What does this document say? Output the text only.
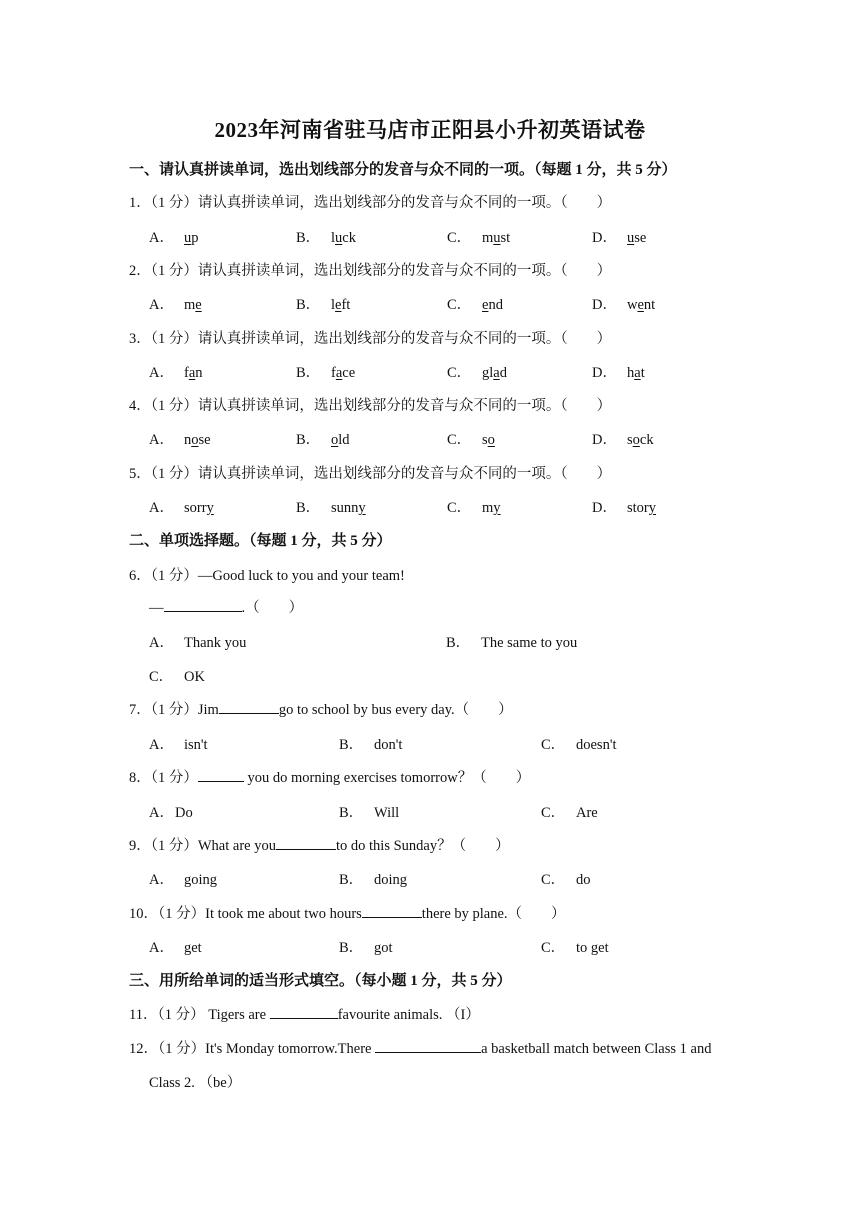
2023年河南省驻马店市正阳县小升初英语试卷
一、请认真拼读单词，选出划线部分的发音与众不同的一项。（每题 1 分，共 5 分）
1．（1 分）请认真拼读单词，选出划线部分的发音与众不同的一项。（　　）
A． up	B． luck	C． must	D． use
2．（1 分）请认真拼读单词，选出划线部分的发音与众不同的一项。（　　）
A． me	B． left	C． end	D． went
3．（1 分）请认真拼读单词，选出划线部分的发音与众不同的一项。（　　）
A． fan	B． face	C． glad	D． hat
4．（1 分）请认真拼读单词，选出划线部分的发音与众不同的一项。（　　）
A． nose	B． old	C． so	D． sock
5．（1 分）请认真拼读单词，选出划线部分的发音与众不同的一项。（　　）
A． sorry	B． sunny	C． my	D． story
二、单项选择题。（每题 1 分，共 5 分）
6．（1 分）—Good luck to you and your team!
—	.（　　）
A． Thank you	B． The same to you
C． OK
7．（1 分）Jim	go to school by bus every day.（　　）
A． isn't	B． don't	C． doesn't
8．（1 分）	you do morning exercises tomorrow？（　　）
A．Do	B． Will	C． Are
9．（1 分）What are you	to do this Sunday？（　　）
A． going	B． doing	C． do
10．（1 分）It took me about two hours	there by plane.（　　）
A． get	B． got	C． to get
三、用所给单词的适当形式填空。（每小题 1 分，共 5 分）
11．（1 分） Tigers are	favourite animals. （I）
12．（1 分）It's Monday tomorrow.There	a basketball match between Class 1 and
Class 2. （be）
